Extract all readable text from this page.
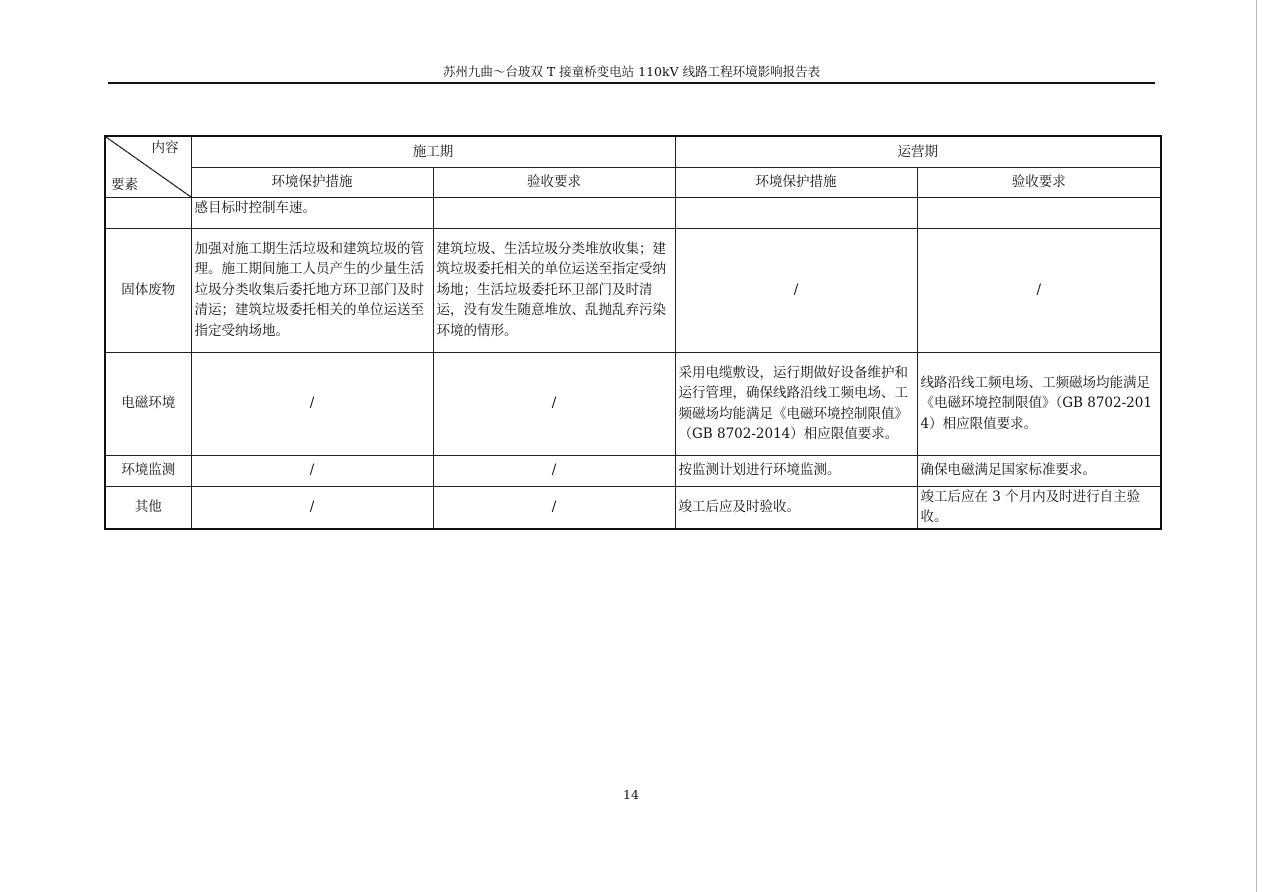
苏州九曲～台玻双 T 接童桥变电站 110kV 线路工程环境影响报告表
内容
要素	施工期		运营期	
	环境保护措施	验收要求	环境保护措施	验收要求
	感目标时控制车速。			
固体废物	加强对施工期生活垃圾和建筑垃圾的管理。施工期间施工人员产生的少量生活垃圾分类收集后委托地方环卫部门及时清运；建筑垃圾委托相关的单位运送至指定受纳场地。	建筑垃圾、生活垃圾分类堆放收集；建筑垃圾委托相关的单位运送至指定受纳场地；生活垃圾委托环卫部门及时清运，没有发生随意堆放、乱抛乱弃污染环境的情形。	/	/
电磁环境	/	/	采用电缆敷设，运行期做好设备维护和运行管理，确保线路沿线工频电场、工频磁场均能满足《电磁环境控制限值》（GB 8702-2014）相应限值要求。	线路沿线工频电场、工频磁场均能满足《电磁环境控制限值》（GB 8702-2014）相应限值要求。
环境监测	/	/	按监测计划进行环境监测。	确保电磁满足国家标准要求。
其他	/	/	竣工后应及时验收。	竣工后应在 3 个月内及时进行自主验收。
14
